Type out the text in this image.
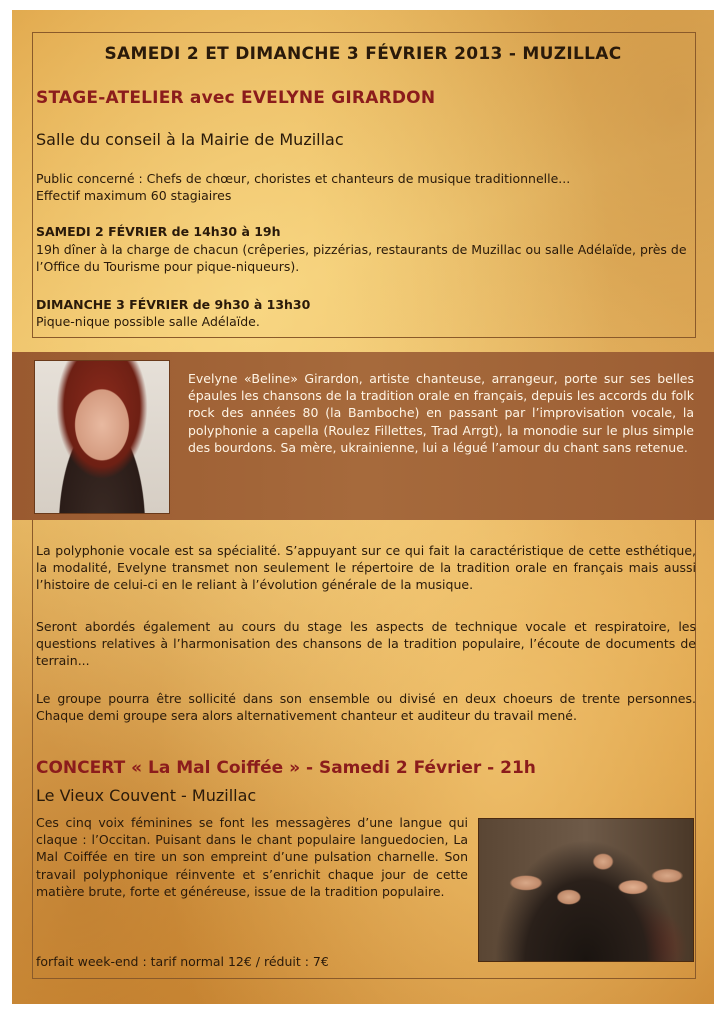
SAMEDI 2 ET DIMANCHE 3 FÉVRIER 2013 - MUZILLAC

STAGE-ATELIER avec EVELYNE GIRARDON

Salle du conseil à la Mairie de Muzillac

Public concerné : Chefs de chœur, choristes et chanteurs de musique traditionnelle...
Effectif maximum 60 stagiaires

SAMEDI 2 FÉVRIER de 14h30 à 19h

19h dîner à la charge de chacun (crêperies, pizzérias, restaurants de Muzillac ou salle Adélaïde, près de l’Office du Tourisme pour pique-niqueurs).

DIMANCHE 3 FÉVRIER de 9h30 à 13h30

Pique-nique possible salle Adélaïde.

Evelyne «Beline» Girardon, artiste chanteuse, arrangeur, porte sur ses belles épaules les chansons de la tradition orale en français, depuis les accords du folk rock des années 80 (la Bamboche) en passant par l’improvisation vocale, la polyphonie a capella (Roulez Fillettes, Trad Arrgt), la monodie sur le plus simple des bourdons. Sa mère, ukrainienne, lui a légué l’amour du chant sans retenue.

La polyphonie vocale est sa spécialité. S’appuyant sur ce qui fait la caractéristique de cette esthétique, la modalité, Evelyne transmet non seulement le répertoire de la tradition orale en français mais aussi l’histoire de celui-ci en le reliant à l’évolution générale de la musique.

Seront abordés également au cours du stage les aspects de technique vocale et respiratoire, les questions relatives à l’harmonisation des chansons de la tradition populaire, l’écoute de documents de terrain...

Le groupe pourra être sollicité dans son ensemble ou divisé en deux choeurs de trente personnes. Chaque demi groupe sera alors alternativement chanteur et auditeur du travail mené.

CONCERT « La Mal Coiffée » - Samedi 2 Février - 21h

Le Vieux Couvent - Muzillac

Ces cinq voix féminines se font les messagères d’une langue qui claque : l’Occitan. Puisant dans le chant populaire languedocien, La Mal Coiffée en tire un son empreint d’une pulsation charnelle. Son travail polyphonique réinvente et s’enrichit chaque jour de cette matière brute, forte et généreuse, issue de la tradition populaire.

forfait week-end : tarif normal 12€ / réduit : 7€
